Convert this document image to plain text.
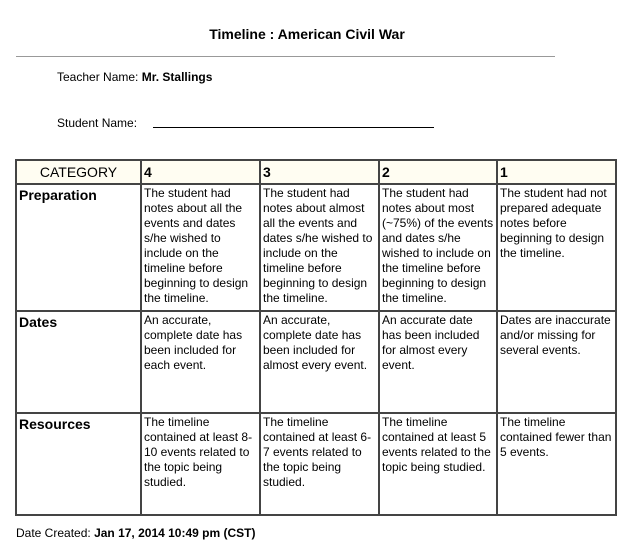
Timeline : American Civil War
Teacher Name: Mr. Stallings
Student Name:
CATEGORY	4	3	2	1
Preparation	The student had notes about all the events and dates s/he wished to include on the timeline before beginning to design the timeline.	The student had notes about almost all the events and dates s/he wished to include on the timeline before beginning to design the timeline.	The student had notes about most (~75%) of the events and dates s/he wished to include on the timeline before beginning to design the timeline.	The student had not prepared adequate notes before beginning to design the timeline.
Dates	An accurate, complete date has been included for each event.	An accurate, complete date has been included for almost every event.	An accurate date has been included for almost every event.	Dates are inaccurate and/or missing for several events.
Resources	The timeline contained at least 8-10 events related to the topic being studied.	The timeline contained at least 6-7 events related to the topic being studied.	The timeline contained at least 5 events related to the topic being studied.	The timeline contained fewer than 5 events.
Date Created: Jan 17, 2014 10:49 pm (CST)
